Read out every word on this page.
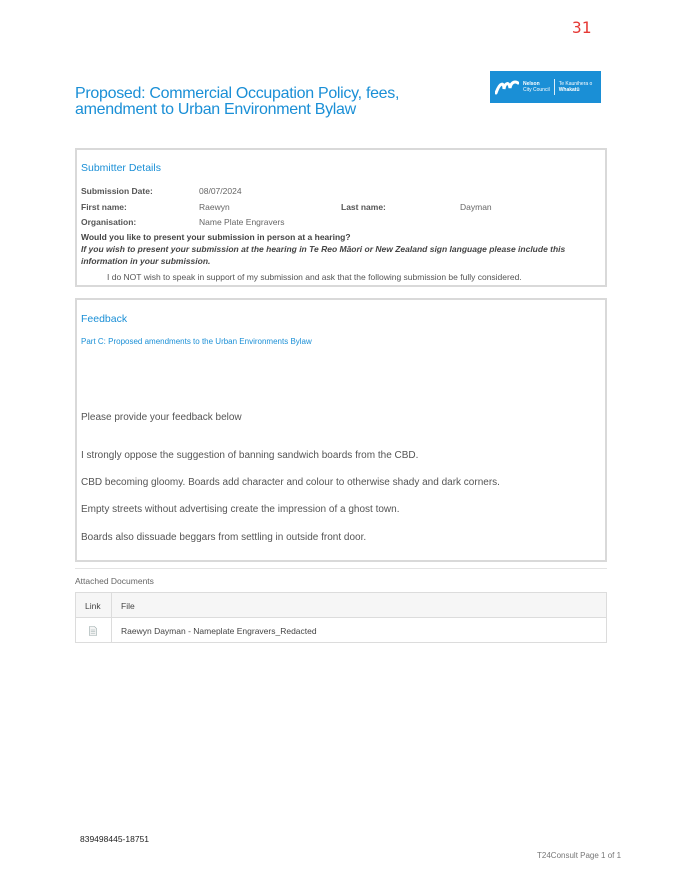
31
Proposed: Commercial Occupation Policy, fees, amendment to Urban Environment Bylaw
Nelson
City Council
Te Kaunihera o
Whakatū
Submitter Details
Submission Date:	08/07/2024
First name:	Raewyn	Last name:	Dayman
Organisation:	Name Plate Engravers
Would you like to present your submission in person at a hearing?
If you wish to present your submission at the hearing in Te Reo Māori or New Zealand sign language please include this information in your submission.
I do NOT wish to speak in support of my submission and ask that the following submission be fully considered.
Feedback
Part C: Proposed amendments to the Urban Environments Bylaw
Please provide your feedback below
I strongly oppose the suggestion of banning sandwich boards from the CBD.
CBD becoming gloomy. Boards add character and colour to otherwise shady and dark corners.
Empty streets without advertising create the impression of a ghost town.
Boards also dissuade beggars from settling in outside front door.
Attached Documents
Link File
Raewyn Dayman - Nameplate Engravers_Redacted
839498445-18751
T24Consult Page 1 of 1
